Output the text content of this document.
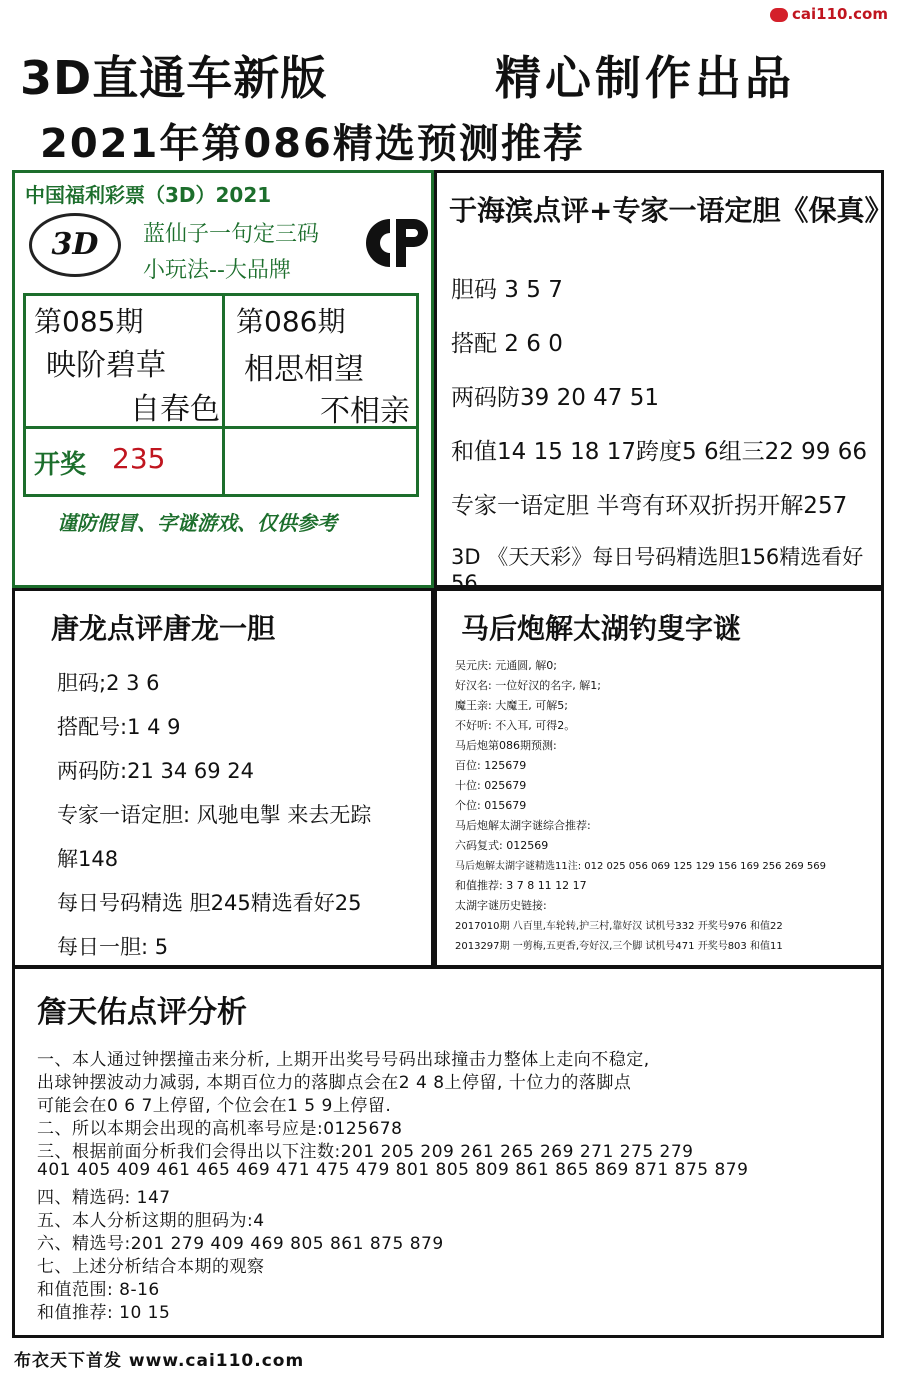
cai110.com
3D直通车新版	精心制作出品
2021年第086精选预测推荐
中国福利彩票（3D）2021
3D	蓝仙子一句定三码
小玩法--大品牌
第085期
映阶碧草
自春色
第086期
相思相望
不相亲
开奖 235
谨防假冒、字谜游戏、仅供参考
于海滨点评+专家一语定胆《保真》
胆码 3 5 7
搭配 2 6 0
两码防39 20 47 51
和值14 15 18 17跨度5 6组三22 99 66
专家一语定胆 半弯有环双折拐开解257
3D 《天天彩》每日号码精选胆156精选看好56
唐龙点评唐龙一胆
胆码;2 3 6
搭配号:1 4 9
两码防:21 34 69 24
专家一语定胆: 风驰电掣 来去无踪
解148
每日号码精选 胆245精选看好25
每日一胆: 5
马后炮解太湖钓叟字谜
吴元庆: 元通圆, 解0;
好汉名: 一位好汉的名字, 解1;
魔王亲: 大魔王, 可解5;
不好听: 不入耳, 可得2。
马后炮第086期预测:
百位: 125679
十位: 025679
个位: 015679
马后炮解太湖字谜综合推荐:
六码复式: 012569
马后炮解太湖字谜精选11注: 012 025 056 069 125 129 156 169 256 269 569
和值推荐: 3 7 8 11 12 17
太湖字谜历史链接:
2017010期 八百里,车轮转,护三村,靠好汉 试机号332 开奖号976 和值22
2013297期 一剪梅,五更香,夸好汉,三个脚 试机号471 开奖号803 和值11
詹天佑点评分析
一、本人通过钟摆撞击来分析, 上期开出奖号号码出球撞击力整体上走向不稳定,
出球钟摆波动力减弱, 本期百位力的落脚点会在2 4 8上停留, 十位力的落脚点
可能会在0 6 7上停留, 个位会在1 5 9上停留.
二、所以本期会出现的高机率号应是:0125678
三、根据前面分析我们会得出以下注数:201 205 209 261 265 269 271 275 279
401 405 409 461 465 469 471 475 479 801 805 809 861 865 869 871 875 879
四、精选码: 147
五、本人分析这期的胆码为:4
六、精选号:201 279 409 469 805 861 875 879
七、上述分析结合本期的观察
和值范围: 8-16
和值推荐: 10 15
布衣天下首发 www.cai110.com
